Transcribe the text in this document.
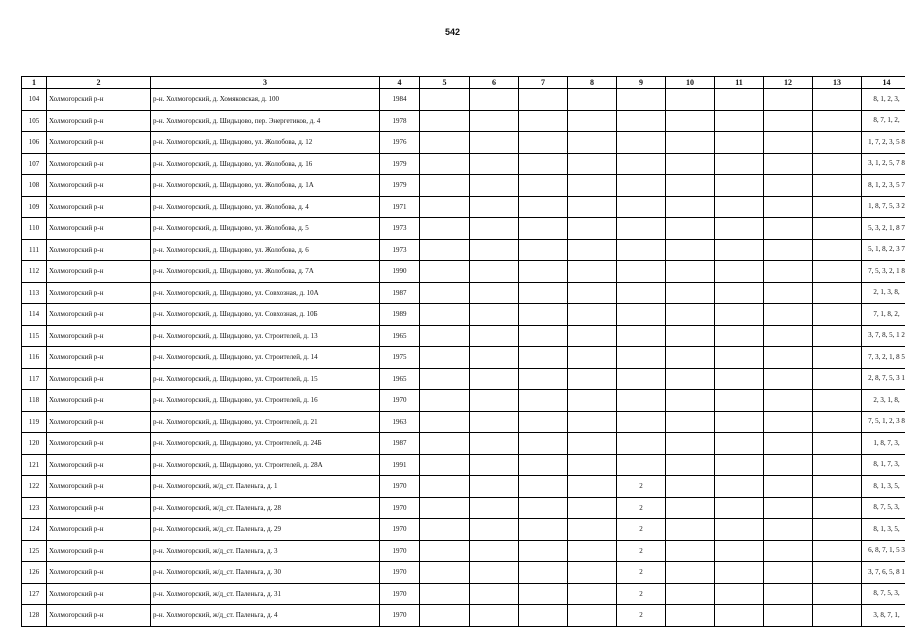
542
1	2	3	4	5	6	7	8	9	10	11	12	13	14
104	Холмогорский р-н	р-н. Холмогорский, д. Хомяковская, д. 100	1984										8, 1, 2, 3,
105	Холмогорский р-н	р-н. Холмогорский, д. Шидьцово, пер. Энергетиков, д. 4	1978										8, 7, 1, 2,
106	Холмогорский р-н	р-н. Холмогорский, д. Шидьцово, ул. Жолобова, д. 12	1976										1, 7, 2, 3, 5 8
107	Холмогорский р-н	р-н. Холмогорский, д. Шидьцово, ул. Жолобова, д. 16	1979										3, 1, 2, 5, 7 8
108	Холмогорский р-н	р-н. Холмогорский, д. Шидьцово, ул. Жолобова, д. 1А	1979										8, 1, 2, 3, 5 7
109	Холмогорский р-н	р-н. Холмогорский, д. Шидьцово, ул. Жолобова, д. 4	1971										1, 8, 7, 5, 3 2
110	Холмогорский р-н	р-н. Холмогорский, д. Шидьцово, ул. Жолобова, д. 5	1973										5, 3, 2, 1, 8 7
111	Холмогорский р-н	р-н. Холмогорский, д. Шидьцово, ул. Жолобова, д. 6	1973										5, 1, 8, 2, 3 7
112	Холмогорский р-н	р-н. Холмогорский, д. Шидьцово, ул. Жолобова, д. 7А	1990										7, 5, 3, 2, 1 8
113	Холмогорский р-н	р-н. Холмогорский, д. Шидьцово, ул. Совхозная, д. 10А	1987										2, 1, 3, 8,
114	Холмогорский р-н	р-н. Холмогорский, д. Шидьцово, ул. Совхозная, д. 10Б	1989										7, 1, 8, 2,
115	Холмогорский р-н	р-н. Холмогорский, д. Шидьцово, ул. Строителей, д. 13	1965										3, 7, 8, 5, 1 2
116	Холмогорский р-н	р-н. Холмогорский, д. Шидьцово, ул. Строителей, д. 14	1975										7, 3, 2, 1, 8 5
117	Холмогорский р-н	р-н. Холмогорский, д. Шидьцово, ул. Строителей, д. 15	1965										2, 8, 7, 5, 3 1
118	Холмогорский р-н	р-н. Холмогорский, д. Шидьцово, ул. Строителей, д. 16	1970										2, 3, 1, 8,
119	Холмогорский р-н	р-н. Холмогорский, д. Шидьцово, ул. Строителей, д. 21	1963										7, 5, 1, 2, 3 8
120	Холмогорский р-н	р-н. Холмогорский, д. Шидьцово, ул. Строителей, д. 24Б	1987										1, 8, 7, 3,
121	Холмогорский р-н	р-н. Холмогорский, д. Шидьцово, ул. Строителей, д. 28А	1991										8, 1, 7, 3,
122	Холмогорский р-н	р-н. Холмогорский, ж/д_ст. Паленьга, д. 1	1970					2					8, 1, 3, 5,
123	Холмогорский р-н	р-н. Холмогорский, ж/д_ст. Паленьга, д. 28	1970					2					8, 7, 5, 3,
124	Холмогорский р-н	р-н. Холмогорский, ж/д_ст. Паленьга, д. 29	1970					2					8, 1, 3, 5,
125	Холмогорский р-н	р-н. Холмогорский, ж/д_ст. Паленьга, д. 3	1970					2					6, 8, 7, 1, 5 3
126	Холмогорский р-н	р-н. Холмогорский, ж/д_ст. Паленьга, д. 30	1970					2					3, 7, 6, 5, 8 1
127	Холмогорский р-н	р-н. Холмогорский, ж/д_ст. Паленьга, д. 31	1970					2					8, 7, 5, 3,
128	Холмогорский р-н	р-н. Холмогорский, ж/д_ст. Паленьга, д. 4	1970					2					3, 8, 7, 1,
